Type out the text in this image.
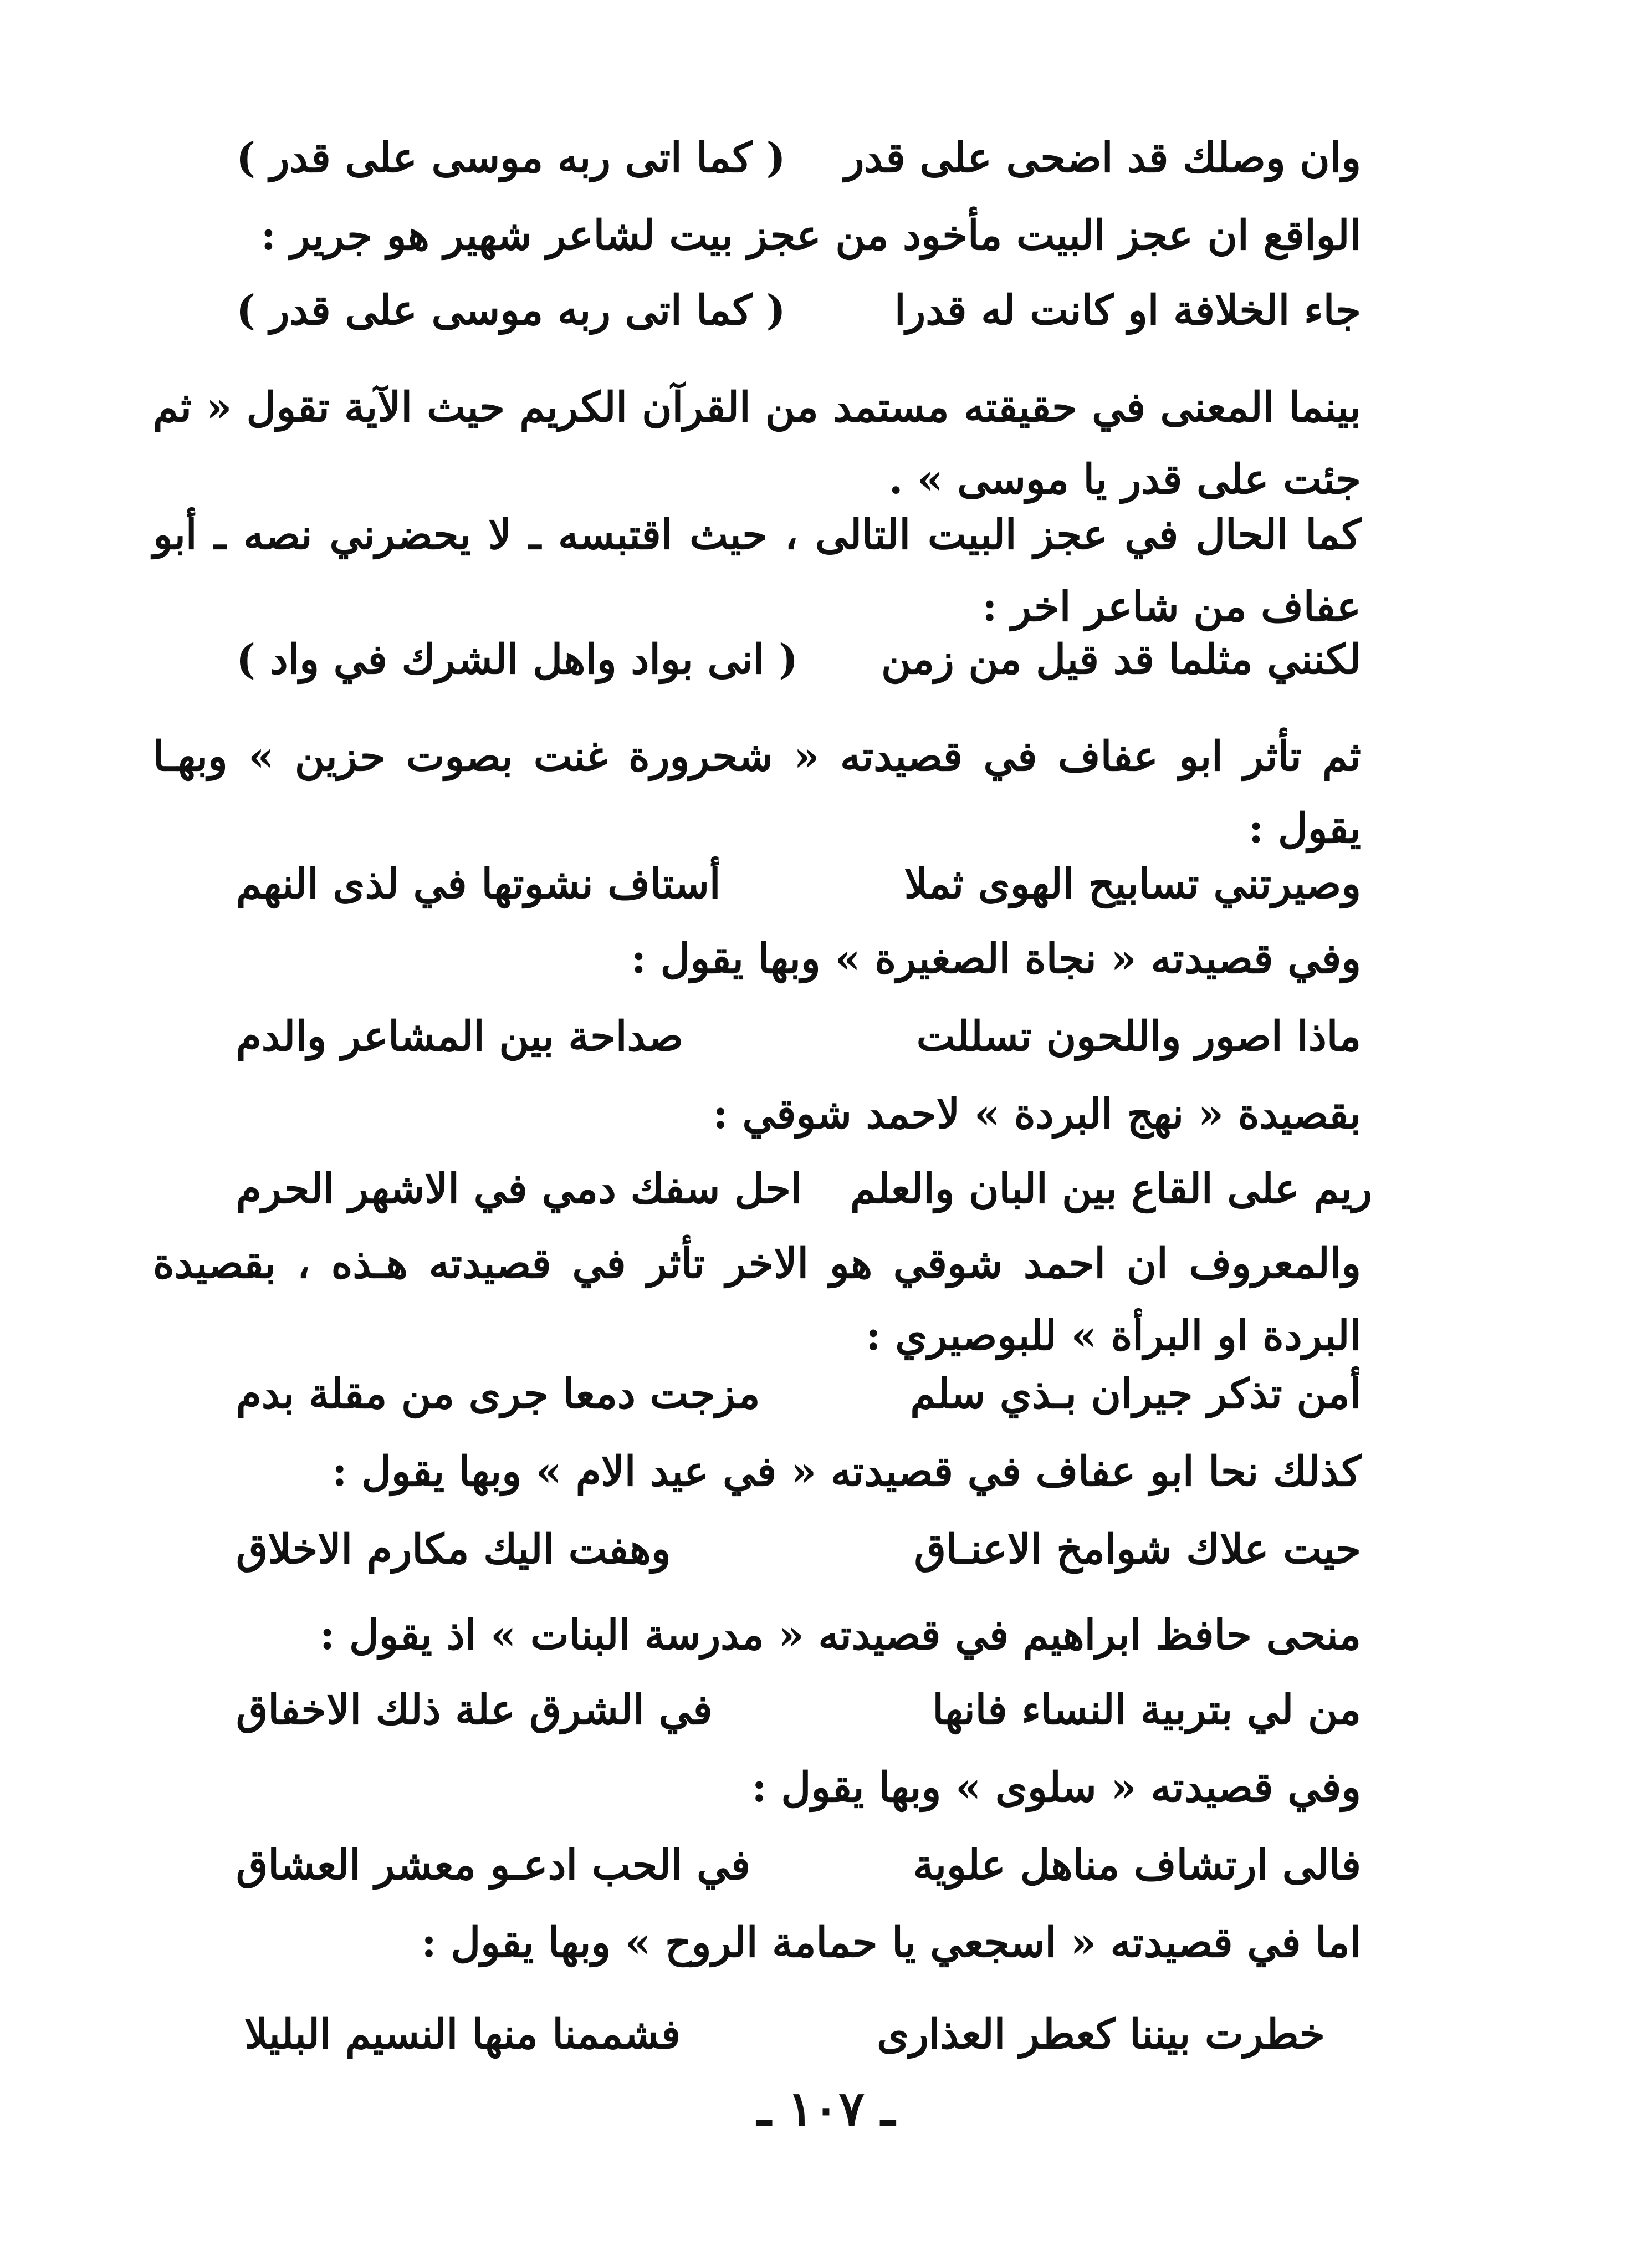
وان وصلك قد اضحى على قدر
( كما اتى ربه موسى على قدر )
الواقع ان عجز البيت مأخود من عجز بيت لشاعر شهير هو جرير :
جاء الخلافة او كانت له قدرا
( كما اتى ربه موسى على قدر )
بينما المعنى في حقيقته مستمد من القرآن الكريم حيث الآية تقول « ثم جئت على قدر يا موسى » .
كما الحال في عجز البيت التالى ، حيث اقتبسه ـ لا يحضرني نصه ـ أبو عفاف من شاعر اخر :
لكنني مثلما قد قيل من زمن
( انى بواد واهل الشرك في واد )
ثم تأثر ابو عفاف في قصيدته « شحرورة غنت بصوت حزين » وبهـا يقول :
وصيرتني تسابيح الهوى ثملا
أستاف نشوتها في لذى النهم
وفي قصيدته « نجاة الصغيرة » وبها يقول :
ماذا اصور واللحون تسللت
صداحة بين المشاعر والدم
بقصيدة « نهج البردة » لاحمد شوقي :
ريم على القاع بين البان والعلم
احل سفك دمي في الاشهر الحرم
والمعروف ان احمد شوقي هو الاخر تأثر في قصيدته هـذه ، بقصيدة البردة او البرأة » للبوصيري :
أمن تذكر جيران بـذي سلم
مزجت دمعا جرى من مقلة بدم
كذلك نحا ابو عفاف في قصيدته « في عيد الام » وبها يقول :
حيت علاك شوامخ الاعنـاق
وهفت اليك مكارم الاخلاق
منحى حافظ ابراهيم في قصيدته « مدرسة البنات » اذ يقول :
من لي بتربية النساء فانها
في الشرق علة ذلك الاخفاق
وفي قصيدته « سلوى » وبها يقول :
فالى ارتشاف مناهل علوية
في الحب ادعـو معشر العشاق
اما في قصيدته « اسجعي يا حمامة الروح » وبها يقول :
خطرت بيننا كعطر العذارى
فشممنا منها النسيم البليلا
ـ ١٠٧ ـ
